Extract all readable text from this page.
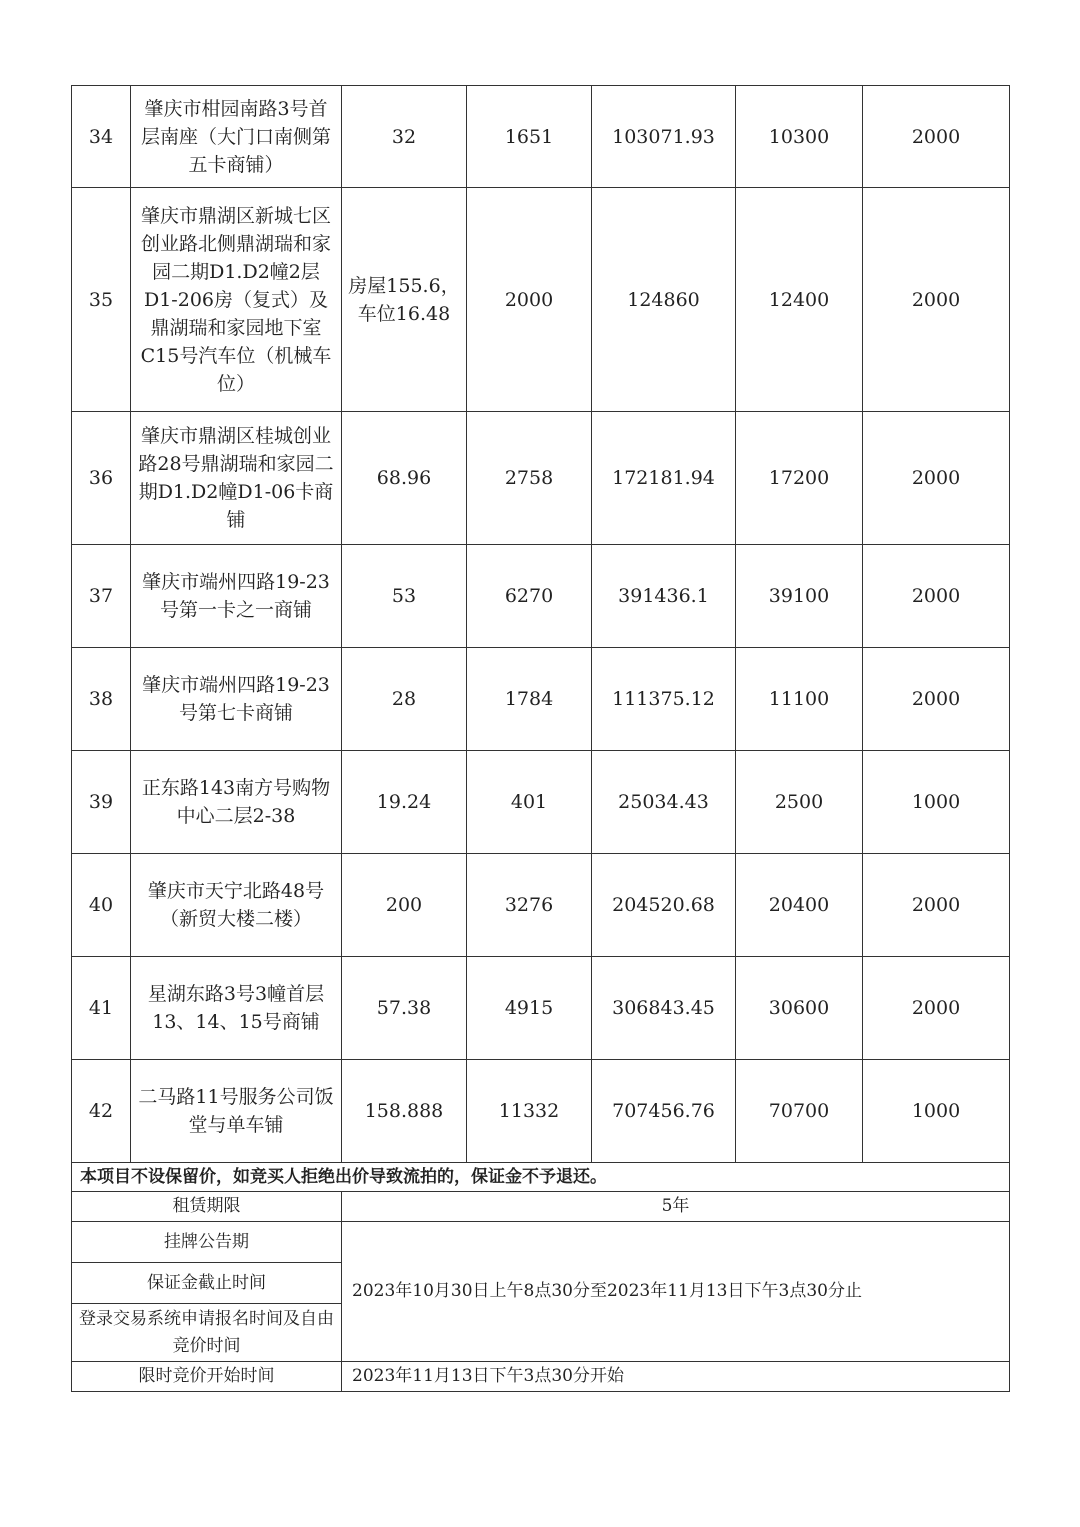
34	肇庆市柑园南路3号首层南座（大门口南侧第五卡商铺）	32	1651	103071.93	10300	2000
35	肇庆市鼎湖区新城七区创业路北侧鼎湖瑞和家园二期D1.D2幢2层D1-206房（复式）及鼎湖瑞和家园地下室C15号汽车位（机械车位）	房屋155.6，车位16.48	2000	124860	12400	2000
36	肇庆市鼎湖区桂城创业路28号鼎湖瑞和家园二期D1.D2幢D1-06卡商铺	68.96	2758	172181.94	17200	2000
37	肇庆市端州四路19-23号第一卡之一商铺	53	6270	391436.1	39100	2000
38	肇庆市端州四路19-23号第七卡商铺	28	1784	111375.12	11100	2000
39	正东路143南方号购物中心二层2-38	19.24	401	25034.43	2500	1000
40	肇庆市天宁北路48号（新贸大楼二楼）	200	3276	204520.68	20400	2000
41	星湖东路3号3幢首层13、14、15号商铺	57.38	4915	306843.45	30600	2000
42	二马路11号服务公司饭堂与单车铺	158.888	11332	707456.76	70700	1000
本项目不设保留价，如竞买人拒绝出价导致流拍的，保证金不予退还。						
租赁期限		5年				
挂牌公告期		2023年10月30日上午8点30分至2023年11月13日下午3点30分止				
保证金截止时间						
登录交易系统申请报名时间及自由竞价时间						
限时竞价开始时间		2023年11月13日下午3点30分开始				
